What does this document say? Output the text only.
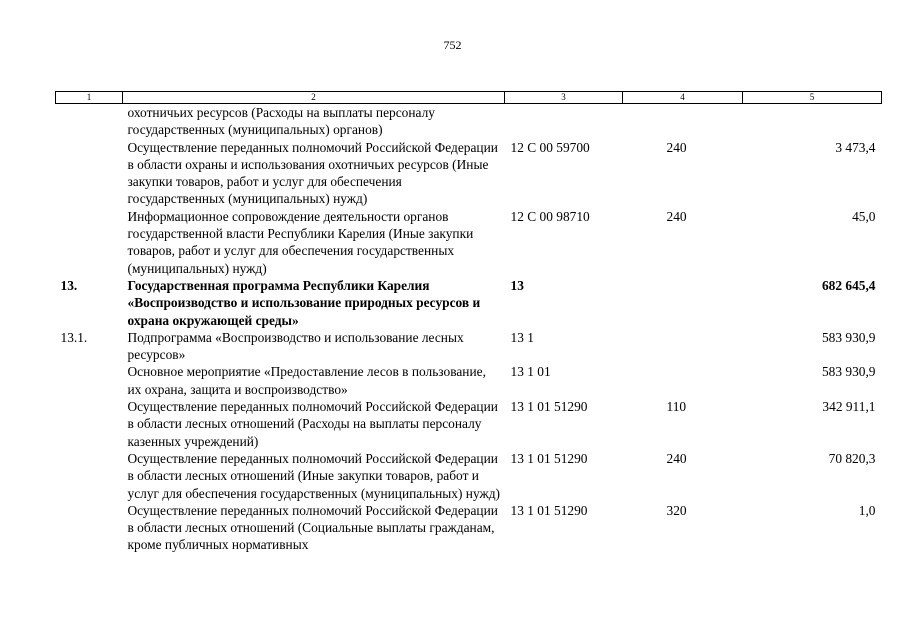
752
1	2	3	4	5
	охотничьих ресурсов (Расходы на выплаты персоналу государственных (муниципальных) органов)			
	Осуществление переданных полномочий Российской Федерации в области охраны и использования охотничьих ресурсов (Иные закупки товаров, работ и услуг для обеспечения государственных (муниципальных) нужд)	12 С 00 59700	240	3 473,4
	Информационное сопровождение деятельности органов государственной власти Республики Карелия (Иные закупки товаров, работ и услуг для обеспечения государственных (муниципальных) нужд)	12 С 00 98710	240	45,0
13.	Государственная программа Республики Карелия «Воспроизводство и использование природных ресурсов и охрана окружающей среды»	13		682 645,4
13.1.	Подпрограмма «Воспроизводство и использование лесных ресурсов»	13 1		583 930,9
	Основное мероприятие «Предоставление лесов в пользование, их охрана, защита и воспроизводство»	13 1 01		583 930,9
	Осуществление переданных полномочий Российской Федерации в области лесных отношений (Расходы на выплаты персоналу казенных учреждений)	13 1 01 51290	110	342 911,1
	Осуществление переданных полномочий Российской Федерации в области лесных отношений (Иные закупки товаров, работ и услуг для обеспечения государственных (муниципальных) нужд)	13 1 01 51290	240	70 820,3
	Осуществление переданных полномочий Российской Федерации в области лесных отношений (Социальные выплаты гражданам, кроме публичных нормативных	13 1 01 51290	320	1,0
